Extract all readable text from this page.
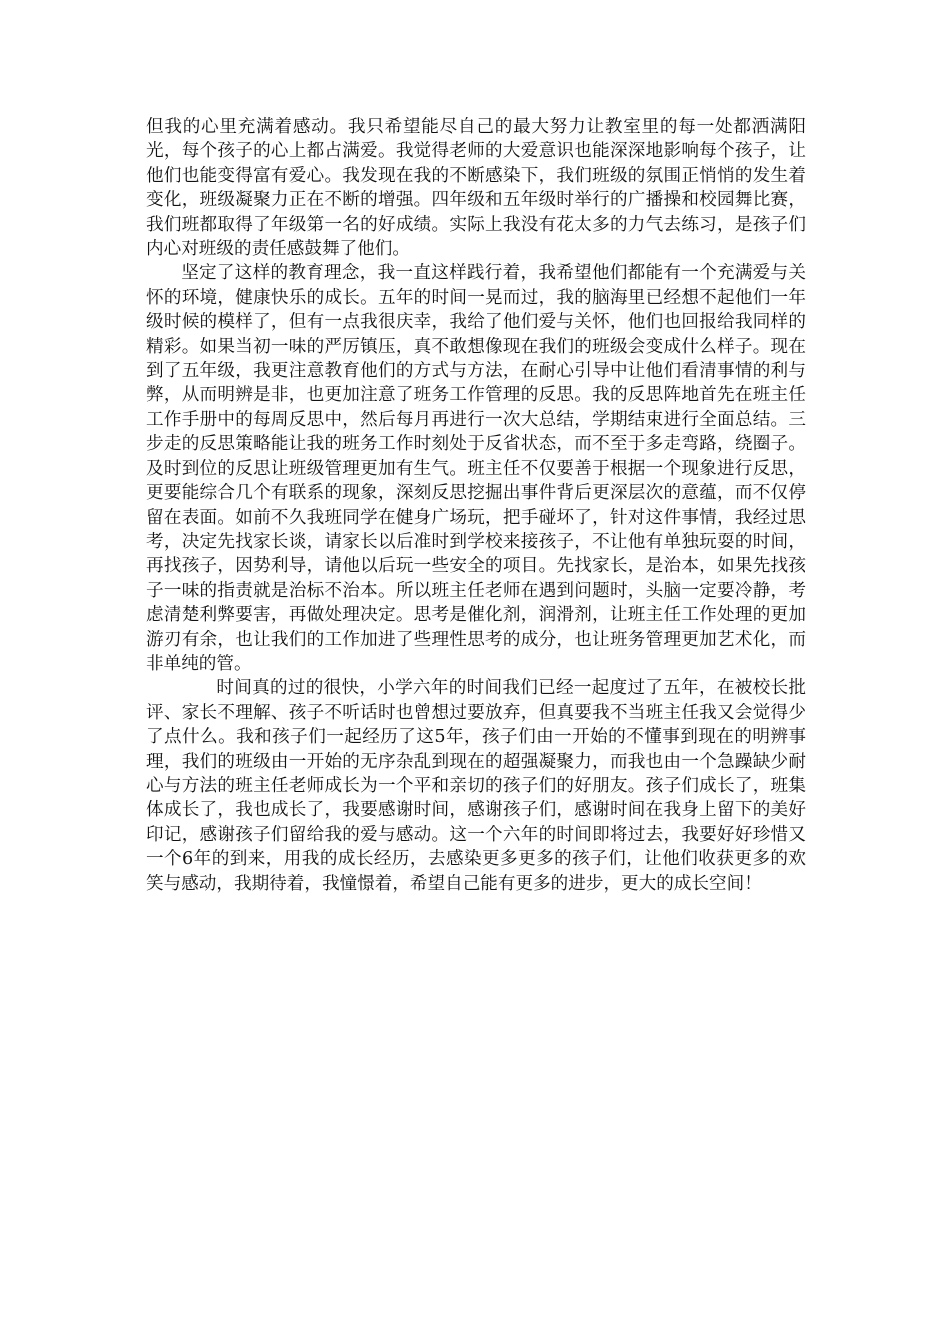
但我的心里充满着感动。我只希望能尽自己的最大努力让教室里的每一处都洒满阳光，每个孩子的心上都占满爱。我觉得老师的大爱意识也能深深地影响每个孩子，让他们也能变得富有爱心。我发现在我的不断感染下，我们班级的氛围正悄悄的发生着变化，班级凝聚力正在不断的增强。四年级和五年级时举行的广播操和校园舞比赛，我们班都取得了年级第一名的好成绩。实际上我没有花太多的力气去练习，是孩子们内心对班级的责任感鼓舞了他们。

坚定了这样的教育理念，我一直这样践行着，我希望他们都能有一个充满爱与关怀的环境，健康快乐的成长。五年的时间一晃而过，我的脑海里已经想不起他们一年级时候的模样了，但有一点我很庆幸，我给了他们爱与关怀，他们也回报给我同样的精彩。如果当初一味的严厉镇压，真不敢想像现在我们的班级会变成什么样子。现在到了五年级，我更注意教育他们的方式与方法，在耐心引导中让他们看清事情的利与弊，从而明辨是非，也更加注意了班务工作管理的反思。我的反思阵地首先在班主任工作手册中的每周反思中，然后每月再进行一次大总结，学期结束进行全面总结。三步走的反思策略能让我的班务工作时刻处于反省状态，而不至于多走弯路，绕圈子。及时到位的反思让班级管理更加有生气。班主任不仅要善于根据一个现象进行反思，更要能综合几个有联系的现象，深刻反思挖掘出事件背后更深层次的意蕴，而不仅停留在表面。如前不久我班同学在健身广场玩，把手碰坏了，针对这件事情，我经过思考，决定先找家长谈，请家长以后准时到学校来接孩子，不让他有单独玩耍的时间，再找孩子，因势利导，请他以后玩一些安全的项目。先找家长，是治本，如果先找孩子一味的指责就是治标不治本。所以班主任老师在遇到问题时，头脑一定要冷静，考虑清楚利弊要害，再做处理决定。思考是催化剂，润滑剂，让班主任工作处理的更加游刃有余，也让我们的工作加进了些理性思考的成分，也让班务管理更加艺术化，而非单纯的管。

时间真的过的很快，小学六年的时间我们已经一起度过了五年，在被校长批评、家长不理解、孩子不听话时也曾想过要放弃，但真要我不当班主任我又会觉得少了点什么。我和孩子们一起经历了这5年，孩子们由一开始的不懂事到现在的明辨事理，我们的班级由一开始的无序杂乱到现在的超强凝聚力，而我也由一个急躁缺少耐心与方法的班主任老师成长为一个平和亲切的孩子们的好朋友。孩子们成长了，班集体成长了，我也成长了，我要感谢时间，感谢孩子们，感谢时间在我身上留下的美好印记，感谢孩子们留给我的爱与感动。这一个六年的时间即将过去，我要好好珍惜又一个6年的到来，用我的成长经历，去感染更多更多的孩子们，让他们收获更多的欢笑与感动，我期待着，我憧憬着，希望自己能有更多的进步，更大的成长空间！
